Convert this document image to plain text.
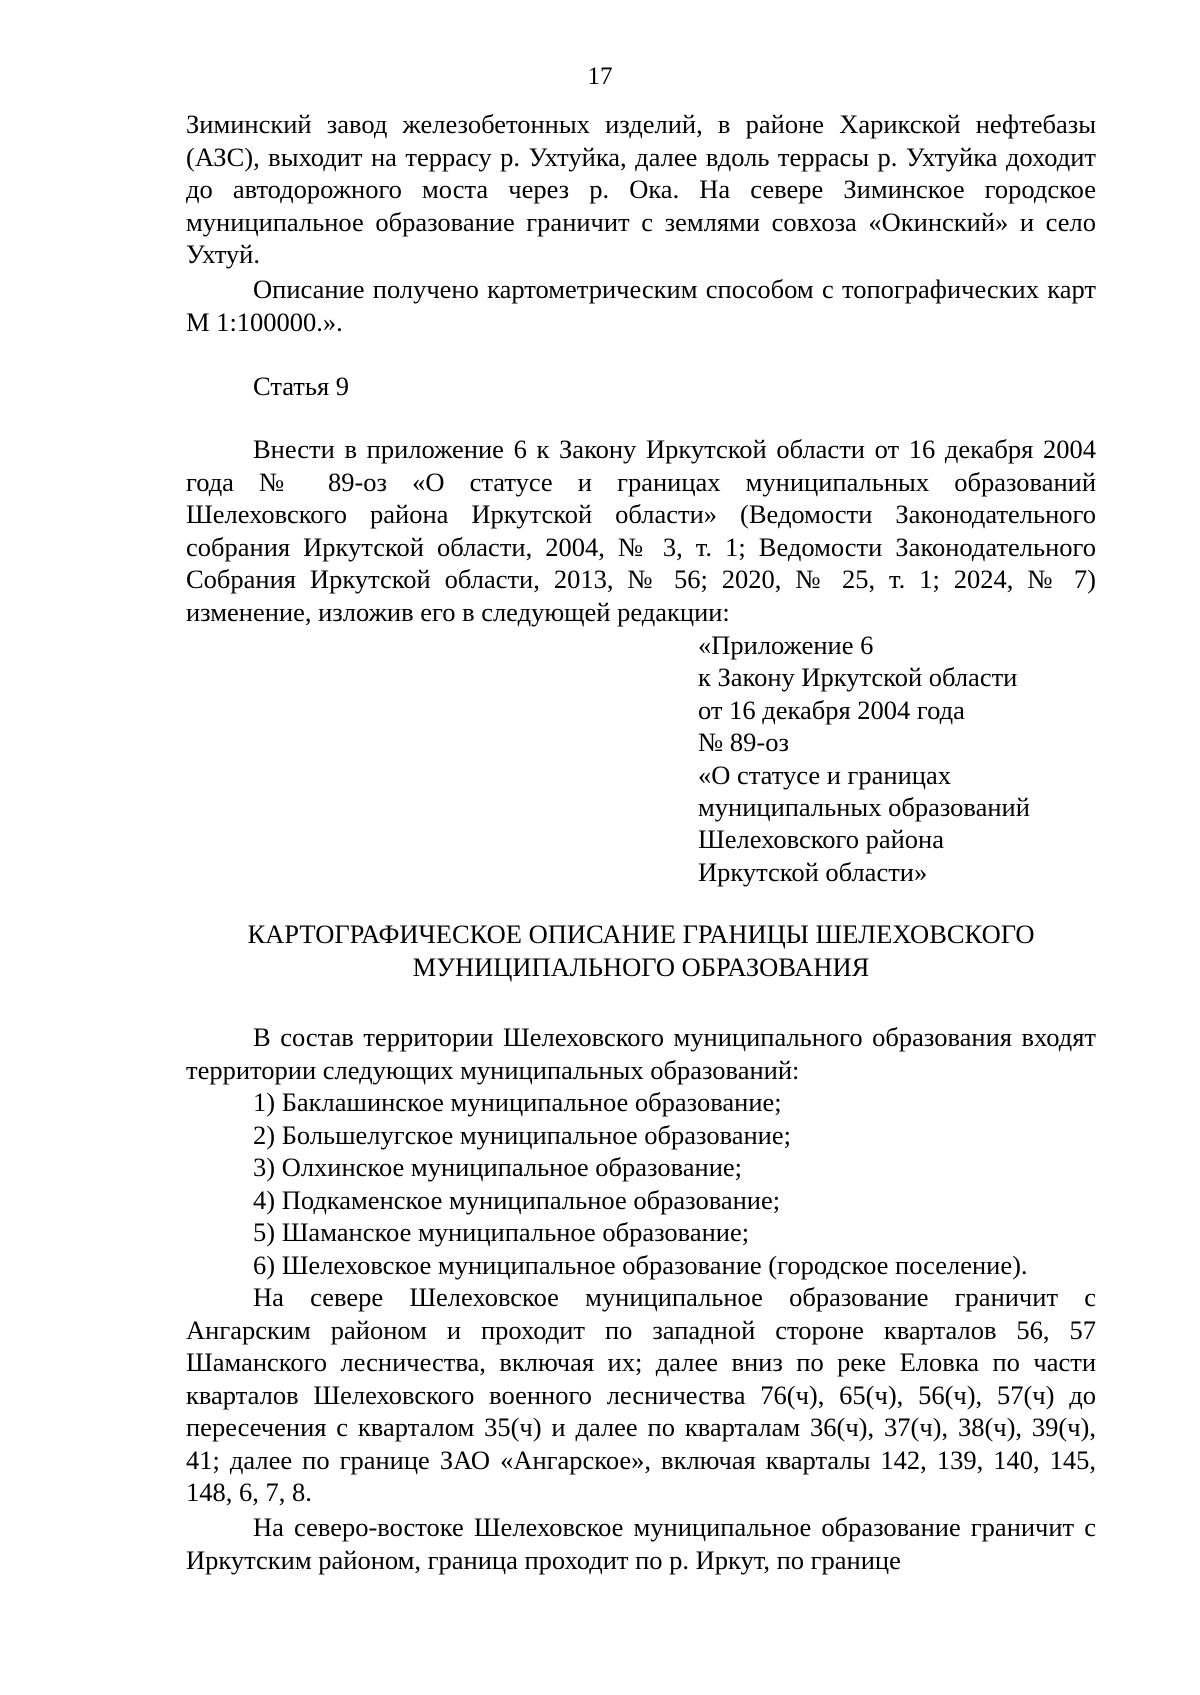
17

Зиминский завод железобетонных изделий, в районе Харикской нефтебазы (АЗС), выходит на террасу р. Ухтуйка, далее вдоль террасы р. Ухтуйка доходит до автодорожного моста через р. Ока. На севере Зиминское городское муниципальное образование граничит с землями совхоза «Окинский» и село Ухтуй.

Описание получено картометрическим способом с топографических карт М 1:100000.».

Статья 9

Внести в приложение 6 к Закону Иркутской области от 16 декабря 2004 года № 89-оз «О статусе и границах муниципальных образований Шелеховского района Иркутской области» (Ведомости Законодательного собрания Иркутской области, 2004, № 3, т. 1; Ведомости Законодательного Собрания Иркутской области, 2013, № 56; 2020, № 25, т. 1; 2024, № 7) изменение, изложив его в следующей редакции:

«Приложение 6
к Закону Иркутской области
от 16 декабря 2004 года
№ 89-оз
«О статусе и границах
муниципальных образований
Шелеховского района
Иркутской области»
КАРТОГРАФИЧЕСКОЕ ОПИСАНИЕ ГРАНИЦЫ ШЕЛЕХОВСКОГО
МУНИЦИПАЛЬНОГО ОБРАЗОВАНИЯ

В состав территории Шелеховского муниципального образования входят территории следующих муниципальных образований:

1) Баклашинское муниципальное образование;
2) Большелугское муниципальное образование;
3) Олхинское муниципальное образование;
4) Подкаменское муниципальное образование;
5) Шаманское муниципальное образование;
6) Шелеховское муниципальное образование (городское поселение).

На севере Шелеховское муниципальное образование граничит с Ангарским районом и проходит по западной стороне кварталов 56, 57 Шаманского лесничества, включая их; далее вниз по реке Еловка по части кварталов Шелеховского военного лесничества 76(ч), 65(ч), 56(ч), 57(ч) до пересечения с кварталом 35(ч) и далее по кварталам 36(ч), 37(ч), 38(ч), 39(ч), 41; далее по границе ЗАО «Ангарское», включая кварталы 142, 139, 140, 145, 148, 6, 7, 8.

На северо-востоке Шелеховское муниципальное образование граничит с Иркутским районом, граница проходит по р. Иркут, по границе
